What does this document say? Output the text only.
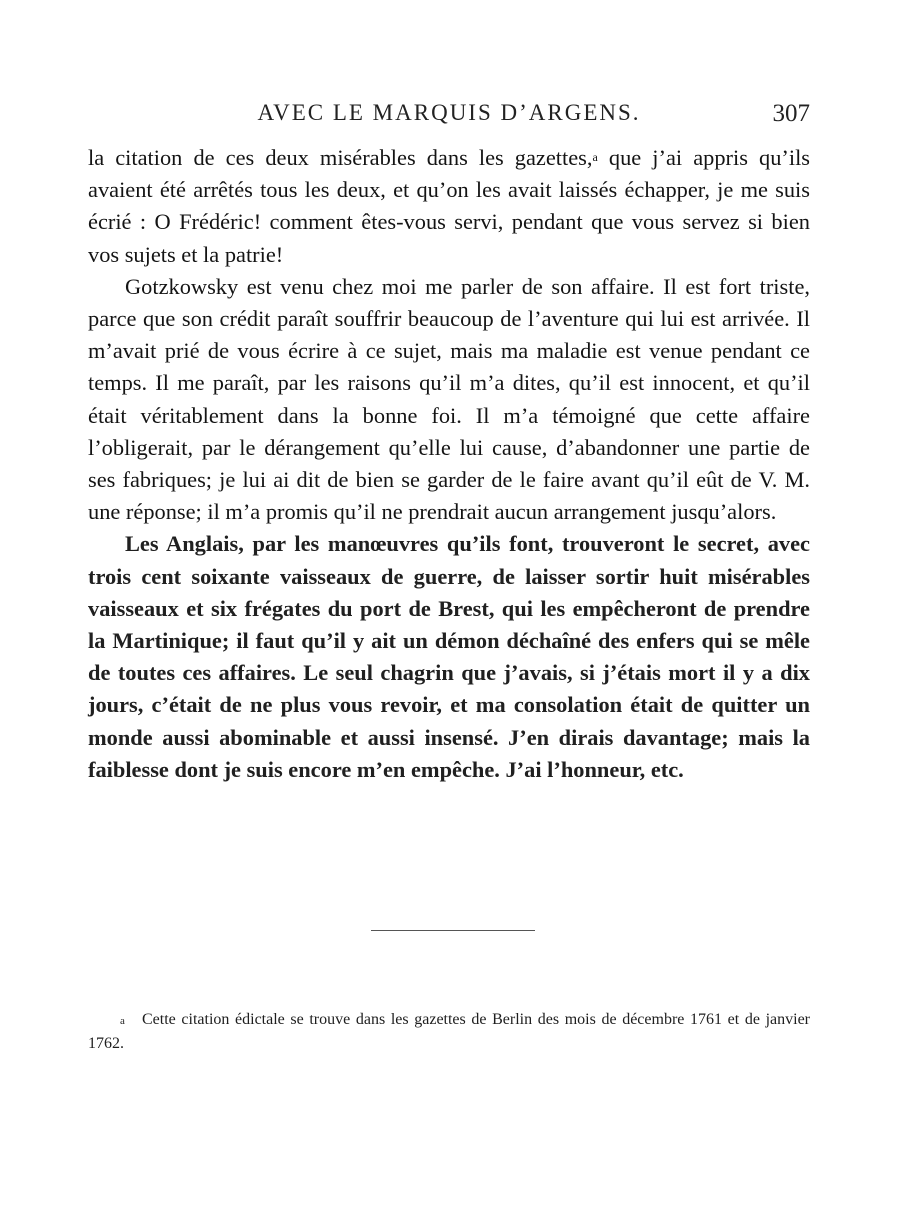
AVEC LE MARQUIS D’ARGENS.	307

la citation de ces deux misérables dans les gazettes,$^a$ que j’ai appris qu’ils avaient été arrêtés tous les deux, et qu’on les avait laissés échapper, je me suis écrié : O Frédéric! comment êtes-vous servi, pendant que vous servez si bien vos sujets et la patrie!

Gotzkowsky est venu chez moi me parler de son affaire. Il est fort triste, parce que son crédit paraît souffrir beaucoup de l’aventure qui lui est arrivée. Il m’avait prié de vous écrire à ce sujet, mais ma maladie est venue pendant ce temps. Il me paraît, par les raisons qu’il m’a dites, qu’il est innocent, et qu’il était véritablement dans la bonne foi. Il m’a témoigné que cette affaire l’obligerait, par le dérangement qu’elle lui cause, d’abandonner une partie de ses fabriques; je lui ai dit de bien se garder de le faire avant qu’il eût de V. M. une réponse; il m’a promis qu’il ne prendrait aucun arrangement jusqu’alors.

Les Anglais, par les manœuvres qu’ils font, trouveront le secret, avec trois cent soixante vaisseaux de guerre, de laisser sortir huit misérables vaisseaux et six frégates du port de Brest, qui les empêcheront de prendre la Martinique; il faut qu’il y ait un démon déchaîné des enfers qui se mêle de toutes ces affaires. Le seul chagrin que j’avais, si j’étais mort il y a dix jours, c’était de ne plus vous revoir, et ma consolation était de quitter un monde aussi abominable et aussi insensé. J’en dirais davantage; mais la faiblesse dont je suis encore m’en empêche. J’ai l’honneur, etc.

a Cette citation édictale se trouve dans les gazettes de Berlin des mois de décembre 1761 et de janvier 1762.
